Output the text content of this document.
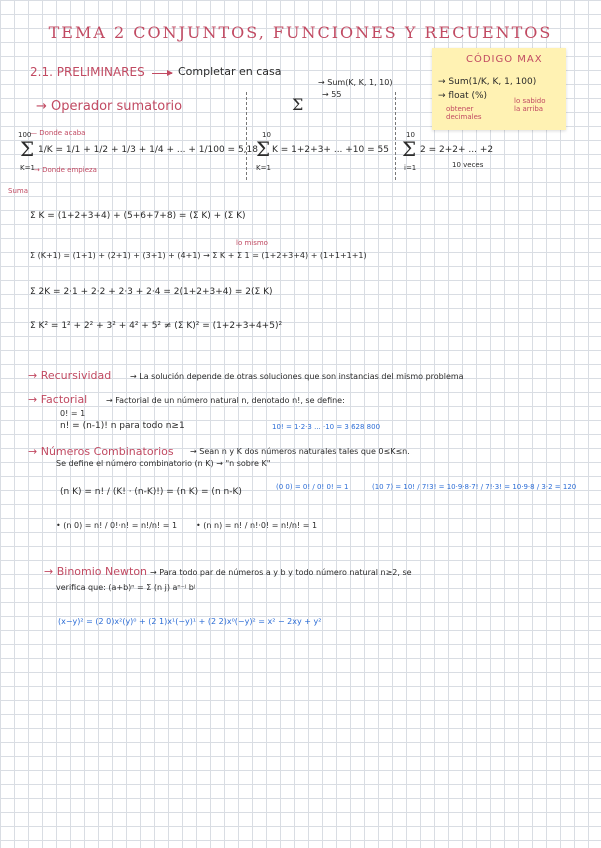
TEMA 2 CONJUNTOS, FUNCIONES Y RECUENTOS
CÓDIGO MAX
→ Sum(1/K, K, 1, 100)
→ float (%)
obtener
decimales
lo sabido
la arriba
2.1. PRELIMINARES	Completar en casa
→ Sum(K, K, 1, 10)
→ 55
Σ
→ Operador sumatorio
— Donde acaba
100
Σ
K=1
1/K = 1/1 + 1/2 + 1/3 + 1/4 + ... + 1/100 = 5,18
→ Donde empieza
Suma
10
Σ
K=1
K = 1+2+3+ ... +10 = 55
10
Σ
i=1
2 = 2+2+ ... +2
10 veces
Σ K = (1+2+3+4) + (5+6+7+8) = (Σ K) + (Σ K)
lo mismo
Σ (K+1) = (1+1) + (2+1) + (3+1) + (4+1) → Σ K + Σ 1 = (1+2+3+4) + (1+1+1+1)
Σ 2K = 2·1 + 2·2 + 2·3 + 2·4 = 2(1+2+3+4) = 2(Σ K)
Σ K² = 1² + 2² + 3² + 4² + 5² ≠ (Σ K)² = (1+2+3+4+5)²
→ Recursividad → La solución depende de otras soluciones que son instancias del mismo problema
→ Factorial → Factorial de un número natural n, denotado n!, se define:
0! = 1
n! = (n-1)! n para todo n≥1	10! = 1·2·3 ... ·10 = 3 628 800
→ Números Combinatorios → Sean n y K dos números naturales tales que 0≤K≤n.
Se define el número combinatorio (n K) → "n sobre K"
(n K) = n! / (K! · (n-K)!) = (n K) = (n n-K)	(0 0) = 0! / 0! 0! = 1	(10 7) = 10! / 7!3! = 10·9·8·7! / 7!·3! = 10·9·8 / 3·2 = 120
• (n 0) = n! / 0!·n! = n!/n! = 1 • (n n) = n! / n!·0! = n!/n! = 1
→ Binomio Newton → Para todo par de números a y b y todo número natural n≥2, se
verifica que: (a+b)ⁿ = Σ (n j) aⁿ⁻ʲ bʲ
(x−y)² = (2 0)x²(y)⁰ + (2 1)x¹(−y)¹ + (2 2)x⁰(−y)² = x² − 2xy + y²
